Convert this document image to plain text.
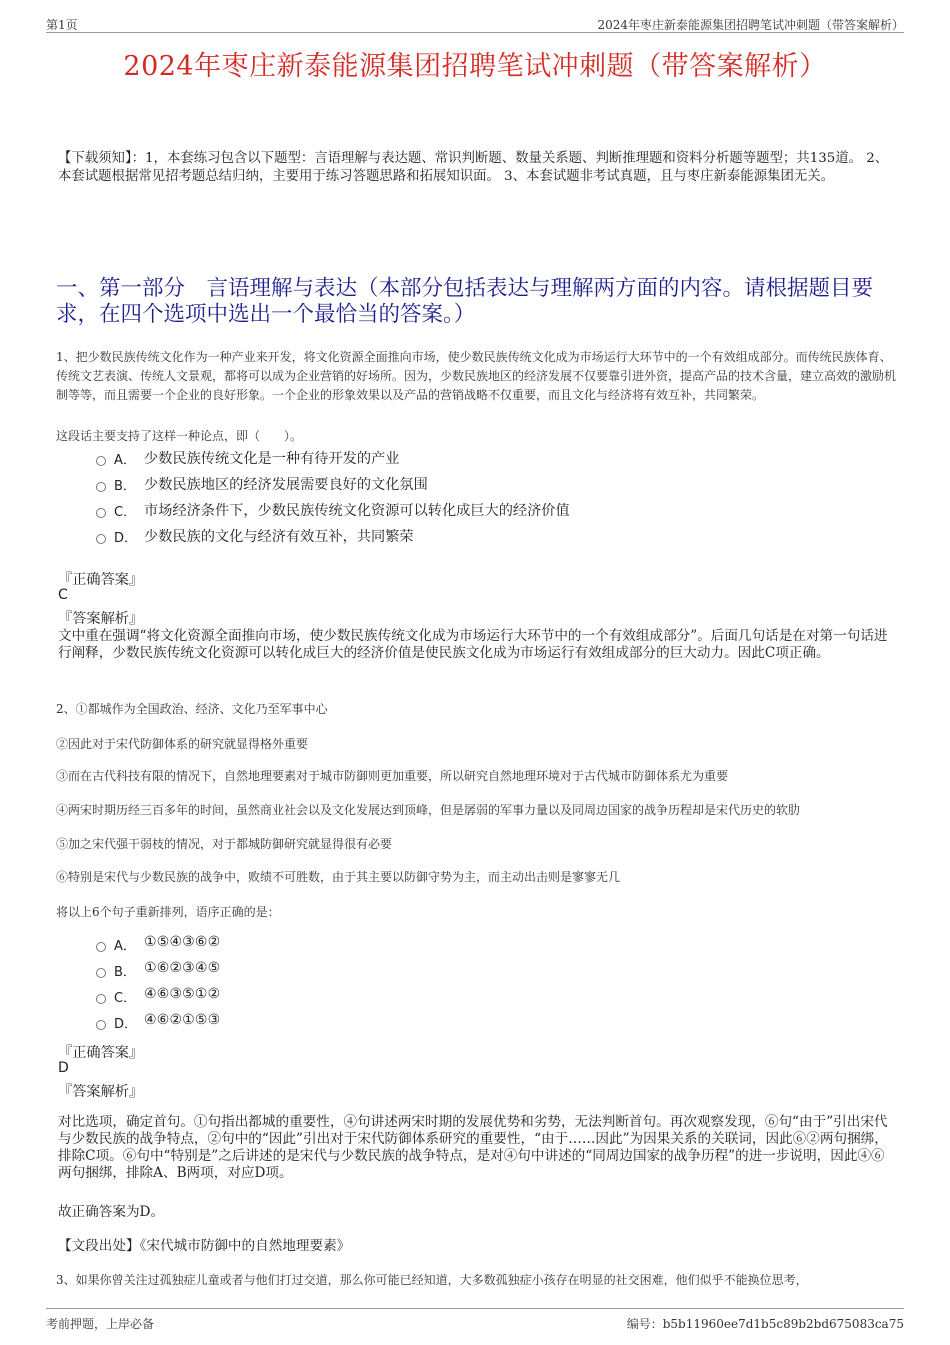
第1页	2024年枣庄新泰能源集团招聘笔试冲刺题（带答案解析）
2024年枣庄新泰能源集团招聘笔试冲刺题（带答案解析）
【下载须知】：1，本套练习包含以下题型：言语理解与表达题、常识判断题、数量关系题、判断推理题和资料分析题等题型；共135道。 2、本套试题根据常见招考题总结归纳，主要用于练习答题思路和拓展知识面。 3、本套试题非考试真题，且与枣庄新泰能源集团无关。
一、第一部分　言语理解与表达（本部分包括表达与理解两方面的内容。请根据题目要求，在四个选项中选出一个最恰当的答案。）
1、把少数民族传统文化作为一种产业来开发，将文化资源全面推向市场，使少数民族传统文化成为市场运行大环节中的一个有效组成部分。而传统民族体育、传统文艺表演、传统人文景观，都将可以成为企业营销的好场所。因为，少数民族地区的经济发展不仅要靠引进外资，提高产品的技术含量，建立高效的激励机制等等，而且需要一个企业的良好形象。一个企业的形象效果以及产品的营销战略不仅重要，而且文化与经济将有效互补，共同繁荣。
这段话主要支持了这样一种论点，即（　　）。
A． 少数民族传统文化是一种有待开发的产业
B． 少数民族地区的经济发展需要良好的文化氛围
C． 市场经济条件下，少数民族传统文化资源可以转化成巨大的经济价值
D． 少数民族的文化与经济有效互补，共同繁荣
『正确答案』
C
『答案解析』
文中重在强调“将文化资源全面推向市场，使少数民族传统文化成为市场运行大环节中的一个有效组成部分”。后面几句话是在对第一句话进行阐释，少数民族传统文化资源可以转化成巨大的经济价值是使民族文化成为市场运行有效组成部分的巨大动力。因此C项正确。
2、①都城作为全国政治、经济、文化乃至军事中心
②因此对于宋代防御体系的研究就显得格外重要
③而在古代科技有限的情况下，自然地理要素对于城市防御则更加重要，所以研究自然地理环境对于古代城市防御体系尤为重要
④两宋时期历经三百多年的时间，虽然商业社会以及文化发展达到顶峰，但是孱弱的军事力量以及同周边国家的战争历程却是宋代历史的软肋
⑤加之宋代强干弱枝的情况，对于都城防御研究就显得很有必要
⑥特别是宋代与少数民族的战争中，败绩不可胜数，由于其主要以防御守势为主，而主动出击则是寥寥无几
将以上6个句子重新排列，语序正确的是：
A． ①⑤④③⑥②
B． ①⑥②③④⑤
C． ④⑥③⑤①②
D． ④⑥②①⑤③
『正确答案』
D
『答案解析』
对比选项，确定首句。①句指出都城的重要性，④句讲述两宋时期的发展优势和劣势，无法判断首句。再次观察发现，⑥句“由于”引出宋代与少数民族的战争特点，②句中的“因此”引出对于宋代防御体系研究的重要性，“由于……因此”为因果关系的关联词，因此⑥②两句捆绑，排除C项。⑥句中“特别是”之后讲述的是宋代与少数民族的战争特点，是对④句中讲述的“同周边国家的战争历程”的进一步说明，因此④⑥两句捆绑，排除A、B两项，对应D项。
故正确答案为D。
【文段出处】《宋代城市防御中的自然地理要素》
3、如果你曾关注过孤独症儿童或者与他们打过交道，那么你可能已经知道，大多数孤独症小孩存在明显的社交困难，他们似乎不能换位思考，
考前押题，上岸必备	编号：b5b11960ee7d1b5c89b2bd675083ca75
